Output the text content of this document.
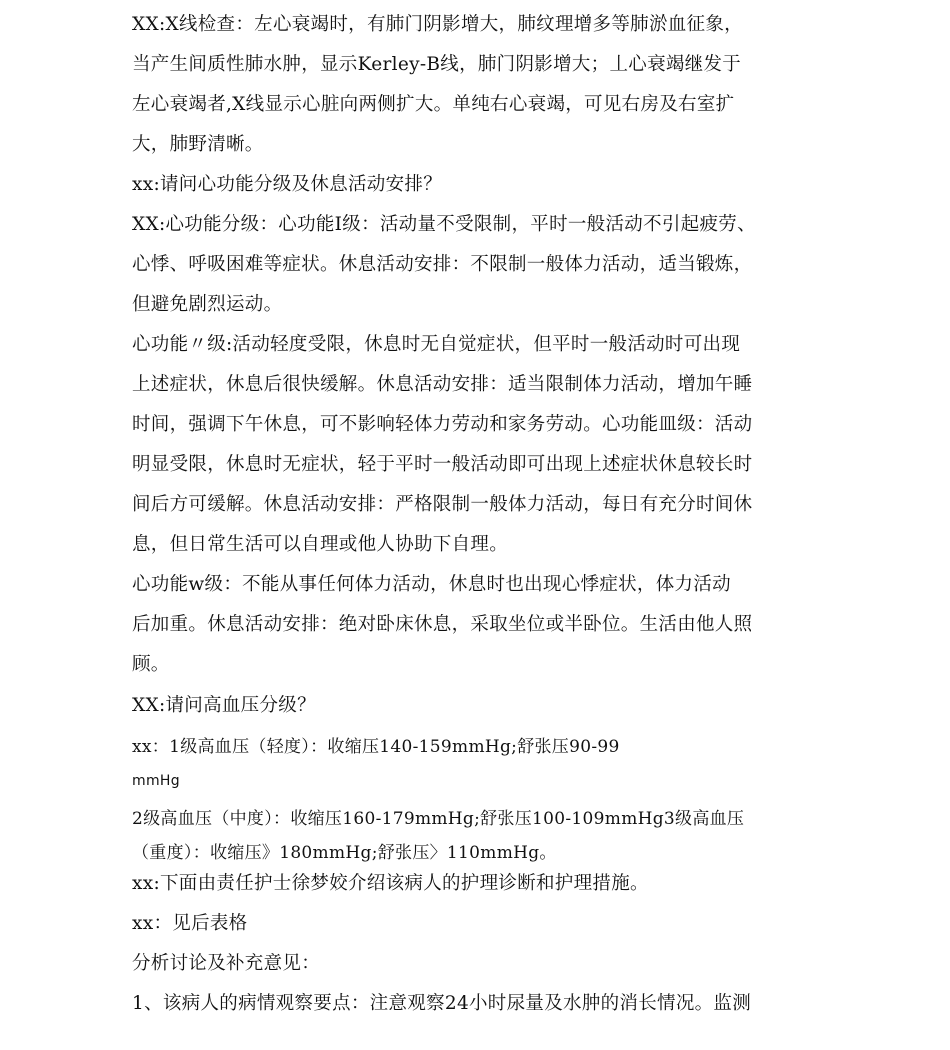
XX:X线检查：左心衰竭时，有肺门阴影增大，肺纹理增多等肺淤血征象，
当产生间质性肺水肿，显示Kerley-B线，肺门阴影增大；丄心衰竭继发于
左心衰竭者,X线显示心脏向两侧扩大。单纯右心衰竭，可见右房及右室扩
大，肺野清晰。
xx:请问心功能分级及休息活动安排？
XX:心功能分级：心功能Ⅰ级：活动量不受限制，平时一般活动不引起疲劳、
心悸、呼吸困难等症状。休息活动安排：不限制一般体力活动，适当锻炼，
但避免剧烈运动。
心功能〃级:活动轻度受限，休息时无自觉症状，但平时一般活动时可出现
上述症状，休息后很快缓解。休息活动安排：适当限制体力活动，增加午睡
时间，强调下午休息，可不影响轻体力劳动和家务劳动。心功能皿级：活动
明显受限，休息时无症状，轻于平时一般活动即可出现上述症状休息较长时
间后方可缓解。休息活动安排：严格限制一般体力活动，每日有充分时间休
息，但日常生活可以自理或他人协助下自理。
心功能w级：不能从事任何体力活动，休息时也出现心悸症状，体力活动
后加重。休息活动安排：绝对卧床休息，采取坐位或半卧位。生活由他人照
顾。
XX:请问高血压分级？
xx：1级高血压（轻度）：收缩压140-159mmHg;舒张压90-99
mmHg
2级高血压（中度）：收缩压160-179mmHg;舒张压100-109mmHg3级高血压
（重度）：收缩压》180mmHg;舒张压〉110mmHg。
xx:下面由责任护士徐梦姣介绍该病人的护理诊断和护理措施。
xx：见后表格
分析讨论及补充意见：
1、该病人的病情观察要点：注意观察24小时尿量及水肿的消长情况。监测
